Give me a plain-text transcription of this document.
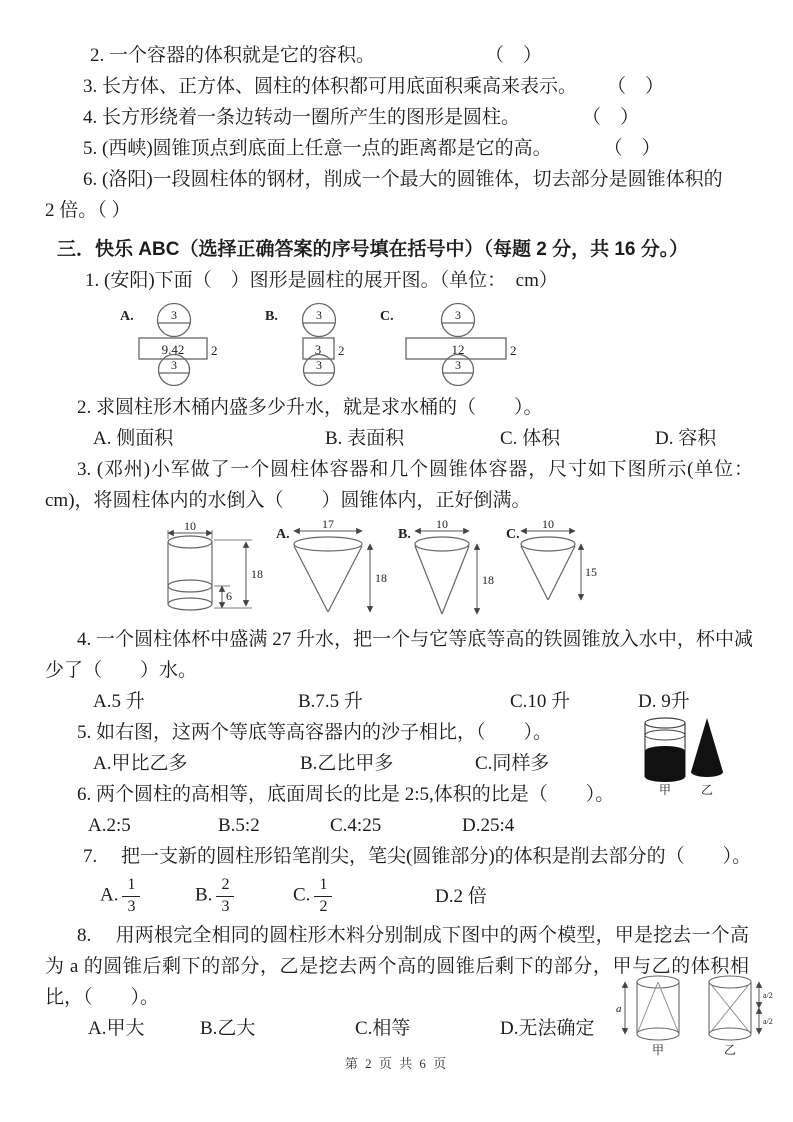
2. 一个容器的体积就是它的容积。	（　）
3. 长方体、正方体、圆柱的体积都可用底面积乘高来表示。 （　）
4. 长方形绕着一条边转动一圈所产生的图形是圆柱。	（　）
5. (西峡)圆锥顶点到底面上任意一点的距离都是它的高。	（　）
6. (洛阳)一段圆柱体的钢材，削成一个最大的圆锥体，切去部分是圆锥体积的
2 倍。（ ）
三．快乐 ABC（选择正确答案的序号填在括号中）（每题 2 分，共 16 分。）
1. (安阳)下面（　）图形是圆柱的展开图。（单位：　cm）
A.	3
9.42 2
3
B.	3
3 2
3
C.	3
12	2
3
2. 求圆柱形木桶内盛多少升水，就是求水桶的（　　）。
A. 侧面积	B. 表面积	C. 体积	D. 容积
3. (邓州)小军做了一个圆柱体容器和几个圆锥体容器，尺寸如下图所示(单位：cm)，将圆柱体内的水倒入（　　）圆锥体内，正好倒满。
10
6
18
A.
17
18
B.
10
18
C.
10
15
4. 一个圆柱体杯中盛满 27 升水，把一个与它等底等高的铁圆锥放入水中，杯中减少了（　　）水。
A.5 升	B.7.5 升	C.10 升	D. 9升
5. 如右图，这两个等底等高容器内的沙子相比，（　　）。
A.甲比乙多	B.乙比甲多	C.同样多
甲 乙
6. 两个圆柱的高相等，底面周长的比是 2:5,体积的比是（　　）。
A.2:5	B.5:2	C.4:25	D.25:4
7.　 把一支新的圆柱形铅笔削尖，笔尖(圆锥部分)的体积是削去部分的（　　）。
A. $\frac{1}{3}$	B. $\frac{2}{3}$	C. $\frac{1}{2}$	D.2 倍
8.　 用两根完全相同的圆柱形木料分别制成下图中的两个模型，甲是挖去一个高为 a 的圆锥后剩下的部分，乙是挖去两个高的圆锥后剩下的部分，甲与乙的体积相比，（　　）。
A.甲大	B.乙大	C.相等	D.无法确定
a
甲
a/2
a/2
乙
第 2 页 共 6 页
